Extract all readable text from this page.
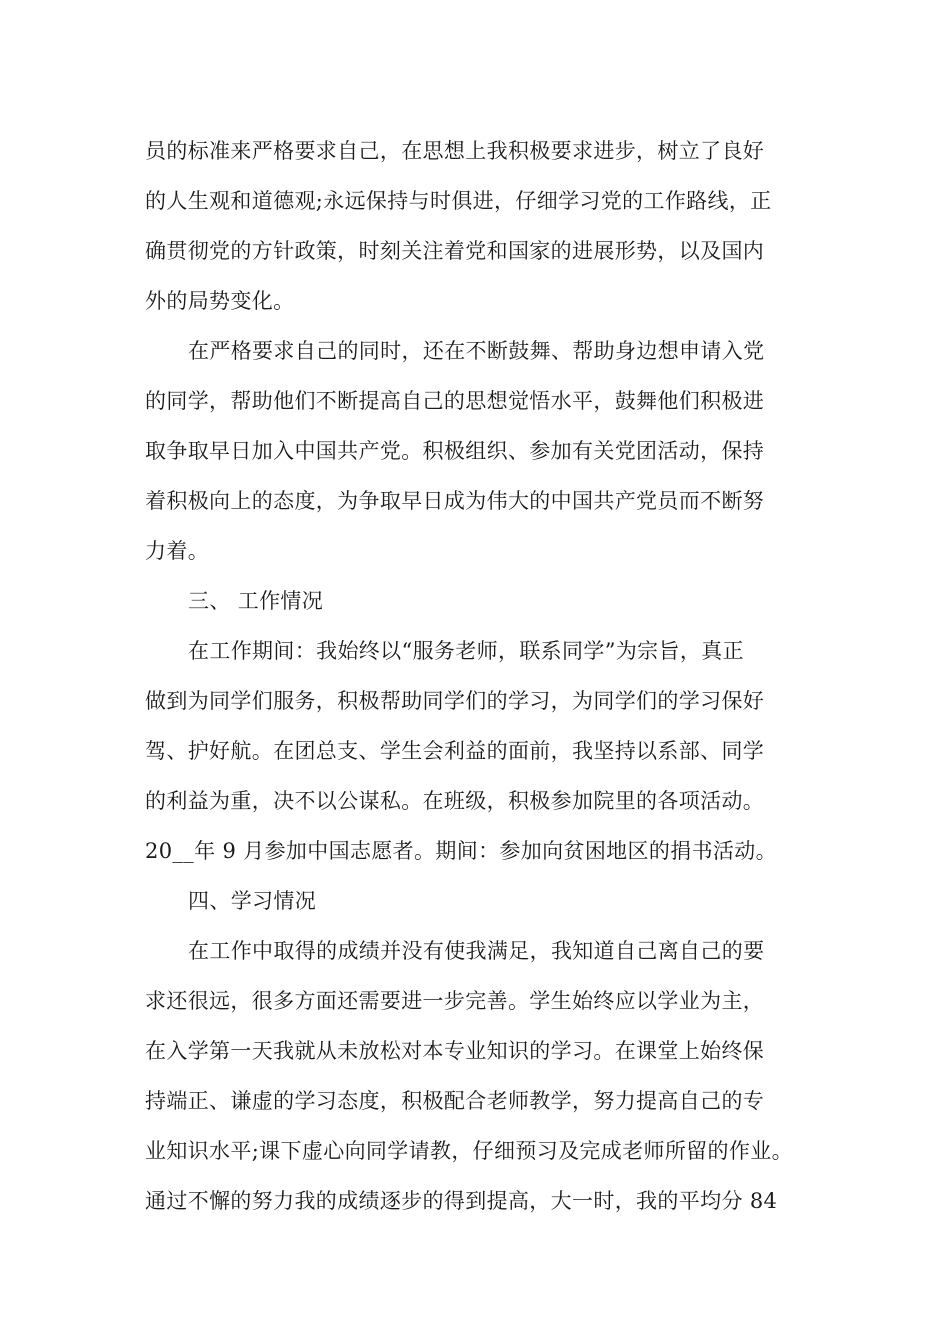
员的标准来严格要求自己，在思想上我积极要求进步，树立了良好
的人生观和道德观;永远保持与时俱进，仔细学习党的工作路线，正
确贯彻党的方针政策，时刻关注着党和国家的进展形势，以及国内
外的局势变化。
在严格要求自己的同时，还在不断鼓舞、帮助身边想申请入党
的同学，帮助他们不断提高自己的思想觉悟水平，鼓舞他们积极进
取争取早日加入中国共产党。积极组织、参加有关党团活动，保持
着积极向上的态度，为争取早日成为伟大的中国共产党员而不断努
力着。
三、 工作情况
在工作期间：我始终以“服务老师，联系同学”为宗旨，真正
做到为同学们服务，积极帮助同学们的学习，为同学们的学习保好
驾、护好航。在团总支、学生会利益的面前，我坚持以系部、同学
的利益为重，决不以公谋私。在班级，积极参加院里的各项活动。
20__年 9 月参加中国志愿者。期间：参加向贫困地区的捐书活动。
四、学习情况
在工作中取得的成绩并没有使我满足，我知道自己离自己的要
求还很远，很多方面还需要进一步完善。学生始终应以学业为主，
在入学第一天我就从未放松对本专业知识的学习。在课堂上始终保
持端正、谦虚的学习态度，积极配合老师教学，努力提高自己的专
业知识水平;课下虚心向同学请教，仔细预习及完成老师所留的作业。
通过不懈的努力我的成绩逐步的得到提高，大一时，我的平均分 84
